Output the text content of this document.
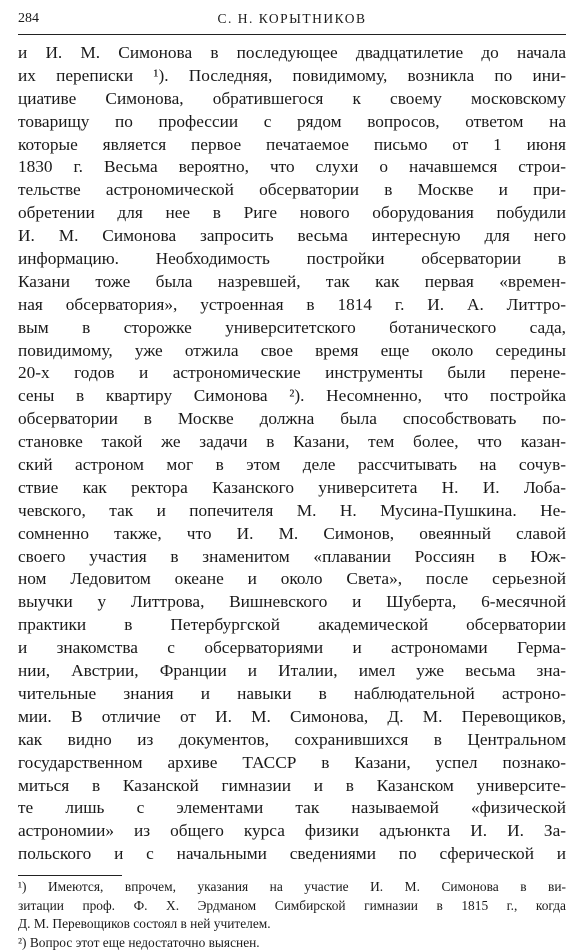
284	С. Н. КОРЫТНИКОВ
и И. М. Симонова в последующее двадцатилетие до начала
их переписки ¹). Последняя, повидимому, возникла по ини-
циативе Симонова, обратившегося к своему московскому
товарищу по профессии с рядом вопросов, ответом на
которые является первое печатаемое письмо от 1 июня
1830 г. Весьма вероятно, что слухи о начавшемся строи-
тельстве астрономической обсерватории в Москве и при-
обретении для нее в Риге нового оборудования побудили
И. М. Симонова запросить весьма интересную для него
информацию. Необходимость постройки обсерватории в
Казани тоже была назревшей, так как первая «времен-
ная обсерватория», устроенная в 1814 г. И. А. Литтро-
вым в сторожке университетского ботанического сада,
повидимому, уже отжила свое время еще около середины
20-х годов и астрономические инструменты были перене-
сены в квартиру Симонова ²). Несомненно, что постройка
обсерватории в Москве должна была способствовать по-
становке такой же задачи в Казани, тем более, что казан-
ский астроном мог в этом деле рассчитывать на сочув-
ствие как ректора Казанского университета Н. И. Лоба-
чевского, так и попечителя М. Н. Мусина-Пушкина. Не-
сомненно также, что И. М. Симонов, овеянный славой
своего участия в знаменитом «плавании Россиян в Юж-
ном Ледовитом океане и около Света», после серьезной
выучки у Литтрова, Вишневского и Шуберта, 6-месячной
практики в Петербургской академической обсерватории
и знакомства с обсерваториями и астрономами Герма-
нии, Австрии, Франции и Италии, имел уже весьма зна-
чительные знания и навыки в наблюдательной астроно-
мии. В отличие от И. М. Симонова, Д. М. Перевощиков,
как видно из документов, сохранившихся в Центральном
государственном архиве ТАССР в Казани, успел познако-
миться в Казанской гимназии и в Казанском университе-
те лишь с элементами так называемой «физической
астрономии» из общего курса физики адъюнкта И. И. За-
польского и с начальными сведениями по сферической и
¹) Имеются, впрочем, указания на участие И. М. Симонова в ви-
зитации проф. Ф. Х. Эрдманом Симбирской гимназии в 1815 г., когда
Д. М. Перевощиков состоял в ней учителем.
²) Вопрос этот еще недостаточно выяснен.
